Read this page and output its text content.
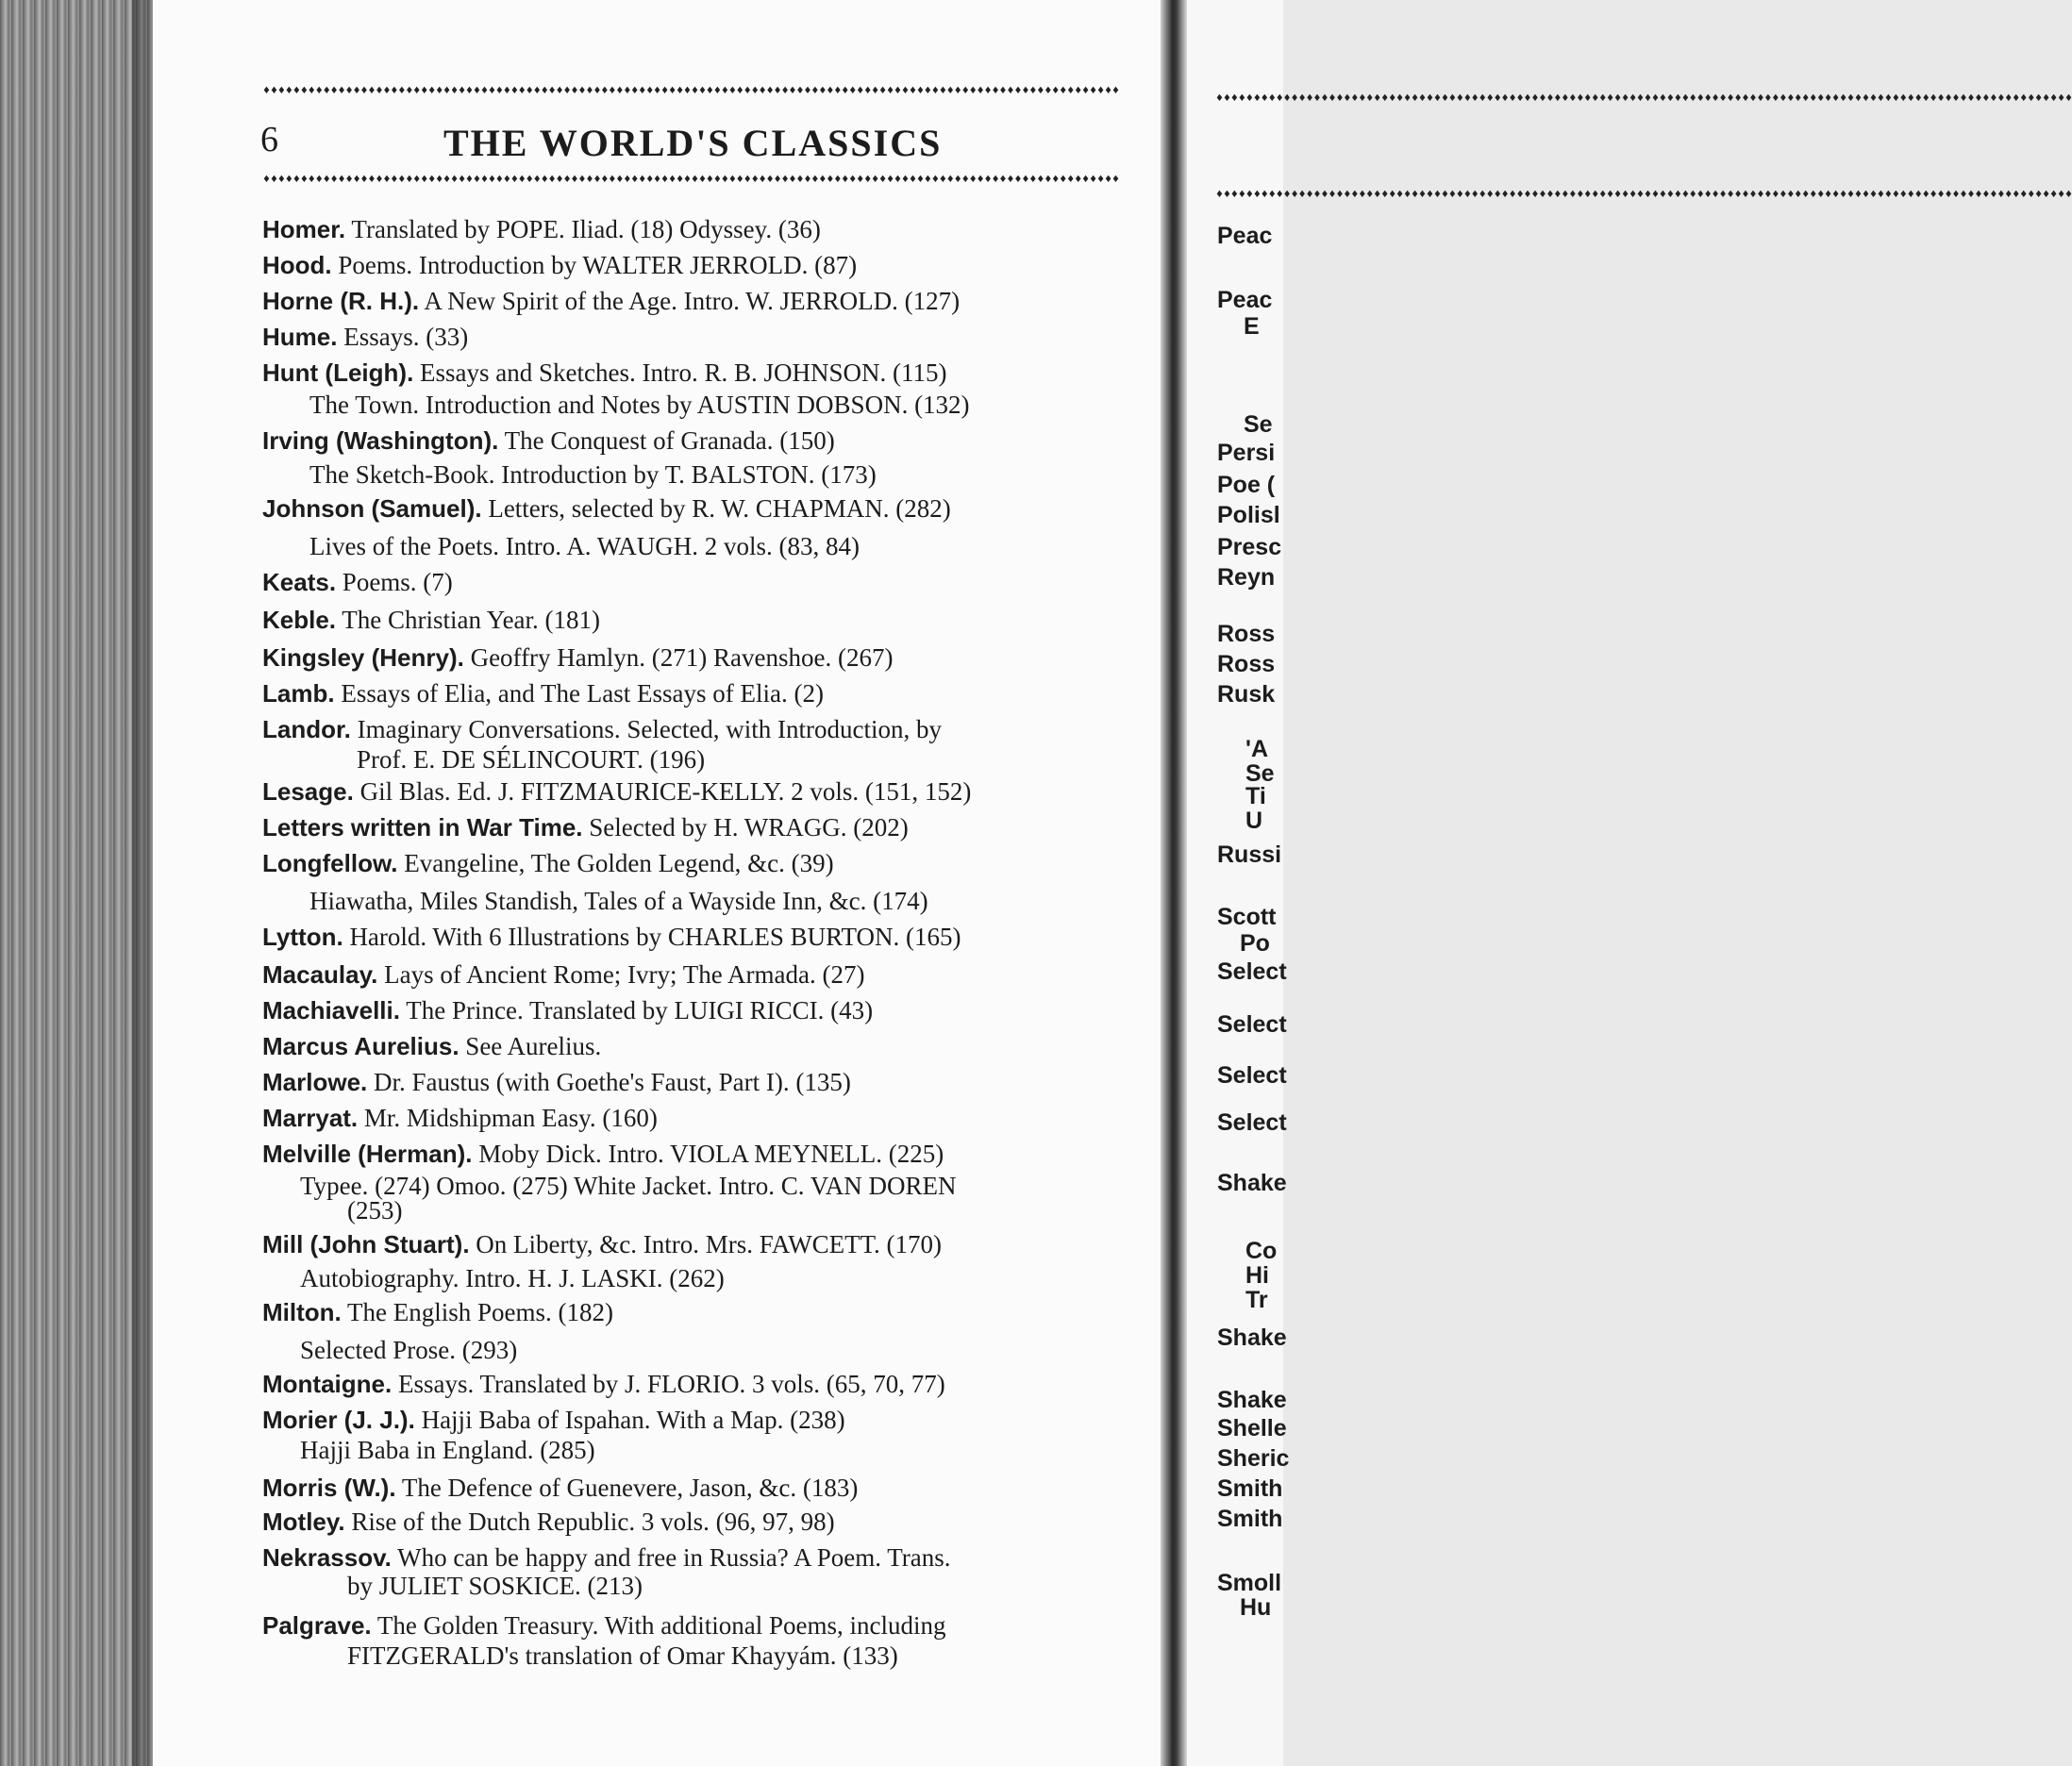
♦♦♦♦♦♦♦♦♦♦♦♦♦♦♦♦♦♦♦♦♦♦♦♦♦♦♦♦♦♦♦♦♦♦♦♦♦♦♦♦♦♦♦♦♦♦♦♦♦♦♦♦♦♦♦♦♦♦♦♦♦♦♦♦♦♦♦♦♦♦♦♦♦♦♦♦♦♦♦♦♦♦♦♦♦♦♦♦♦♦♦♦♦♦♦♦♦♦♦♦♦♦♦♦♦♦♦♦♦♦♦♦♦♦
6	THE WORLD'S CLASSICS
♦♦♦♦♦♦♦♦♦♦♦♦♦♦♦♦♦♦♦♦♦♦♦♦♦♦♦♦♦♦♦♦♦♦♦♦♦♦♦♦♦♦♦♦♦♦♦♦♦♦♦♦♦♦♦♦♦♦♦♦♦♦♦♦♦♦♦♦♦♦♦♦♦♦♦♦♦♦♦♦♦♦♦♦♦♦♦♦♦♦♦♦♦♦♦♦♦♦♦♦♦♦♦♦♦♦♦♦♦♦♦♦♦♦
Homer. Translated by POPE. Iliad. (18) Odyssey. (36)
Hood. Poems. Introduction by WALTER JERROLD. (87)
Horne (R. H.). A New Spirit of the Age. Intro. W. JERROLD. (127)
Hume. Essays. (33)
Hunt (Leigh). Essays and Sketches. Intro. R. B. JOHNSON. (115)
The Town. Introduction and Notes by AUSTIN DOBSON. (132)
Irving (Washington). The Conquest of Granada. (150)
The Sketch-Book. Introduction by T. BALSTON. (173)
Johnson (Samuel). Letters, selected by R. W. CHAPMAN. (282)
Lives of the Poets. Intro. A. WAUGH. 2 vols. (83, 84)
Keats. Poems. (7)
Keble. The Christian Year. (181)
Kingsley (Henry). Geoffry Hamlyn. (271) Ravenshoe. (267)
Lamb. Essays of Elia, and The Last Essays of Elia. (2)
Landor. Imaginary Conversations. Selected, with Introduction, by
Prof. E. DE SÉLINCOURT. (196)
Lesage. Gil Blas. Ed. J. FITZMAURICE-KELLY. 2 vols. (151, 152)
Letters written in War Time. Selected by H. WRAGG. (202)
Longfellow. Evangeline, The Golden Legend, &c. (39)
Hiawatha, Miles Standish, Tales of a Wayside Inn, &c. (174)
Lytton. Harold. With 6 Illustrations by CHARLES BURTON. (165)
Macaulay. Lays of Ancient Rome; Ivry; The Armada. (27)
Machiavelli. The Prince. Translated by LUIGI RICCI. (43)
Marcus Aurelius. See Aurelius.
Marlowe. Dr. Faustus (with Goethe's Faust, Part I). (135)
Marryat. Mr. Midshipman Easy. (160)
Melville (Herman). Moby Dick. Intro. VIOLA MEYNELL. (225)
Typee. (274) Omoo. (275) White Jacket. Intro. C. VAN DOREN
(253)
Mill (John Stuart). On Liberty, &c. Intro. Mrs. FAWCETT. (170)
Autobiography. Intro. H. J. LASKI. (262)
Milton. The English Poems. (182)
Selected Prose. (293)
Montaigne. Essays. Translated by J. FLORIO. 3 vols. (65, 70, 77)
Morier (J. J.). Hajji Baba of Ispahan. With a Map. (238)
Hajji Baba in England. (285)
Morris (W.). The Defence of Guenevere, Jason, &c. (183)
Motley. Rise of the Dutch Republic. 3 vols. (96, 97, 98)
Nekrassov. Who can be happy and free in Russia? A Poem. Trans.
by JULIET SOSKICE. (213)
Palgrave. The Golden Treasury. With additional Poems, including
FITZGERALD's translation of Omar Khayyám. (133)
♦♦♦♦♦♦♦♦♦♦♦♦♦♦♦♦♦♦♦♦♦♦♦♦♦♦♦♦♦♦♦♦♦♦♦♦♦♦♦♦♦♦♦♦♦♦♦♦♦♦♦♦♦♦♦♦♦♦♦♦♦♦♦♦♦♦♦♦♦♦♦♦♦♦♦♦♦♦♦♦♦♦♦♦♦♦♦♦♦♦♦♦♦♦♦♦♦♦♦♦♦♦♦♦♦♦♦♦♦♦♦♦♦♦
♦♦♦♦♦♦♦♦♦♦♦♦♦♦♦♦♦♦♦♦♦♦♦♦♦♦♦♦♦♦♦♦♦♦♦♦♦♦♦♦♦♦♦♦♦♦♦♦♦♦♦♦♦♦♦♦♦♦♦♦♦♦♦♦♦♦♦♦♦♦♦♦♦♦♦♦♦♦♦♦♦♦♦♦♦♦♦♦♦♦♦♦♦♦♦♦♦♦♦♦♦♦♦♦♦♦♦♦♦♦♦♦♦♦
Peac
Peac
E
Se
Persi
Poe (
Polisl
Presc
Reyn
Ross
Ross
Rusk
'A
Se
Ti
U
Russi
Scott
Po
Select
Select
Select
Select
Shake
Co
Hi
Tr
Shake
Shake
Shelle
Sheric
Smith
Smith
Smoll
Hu
